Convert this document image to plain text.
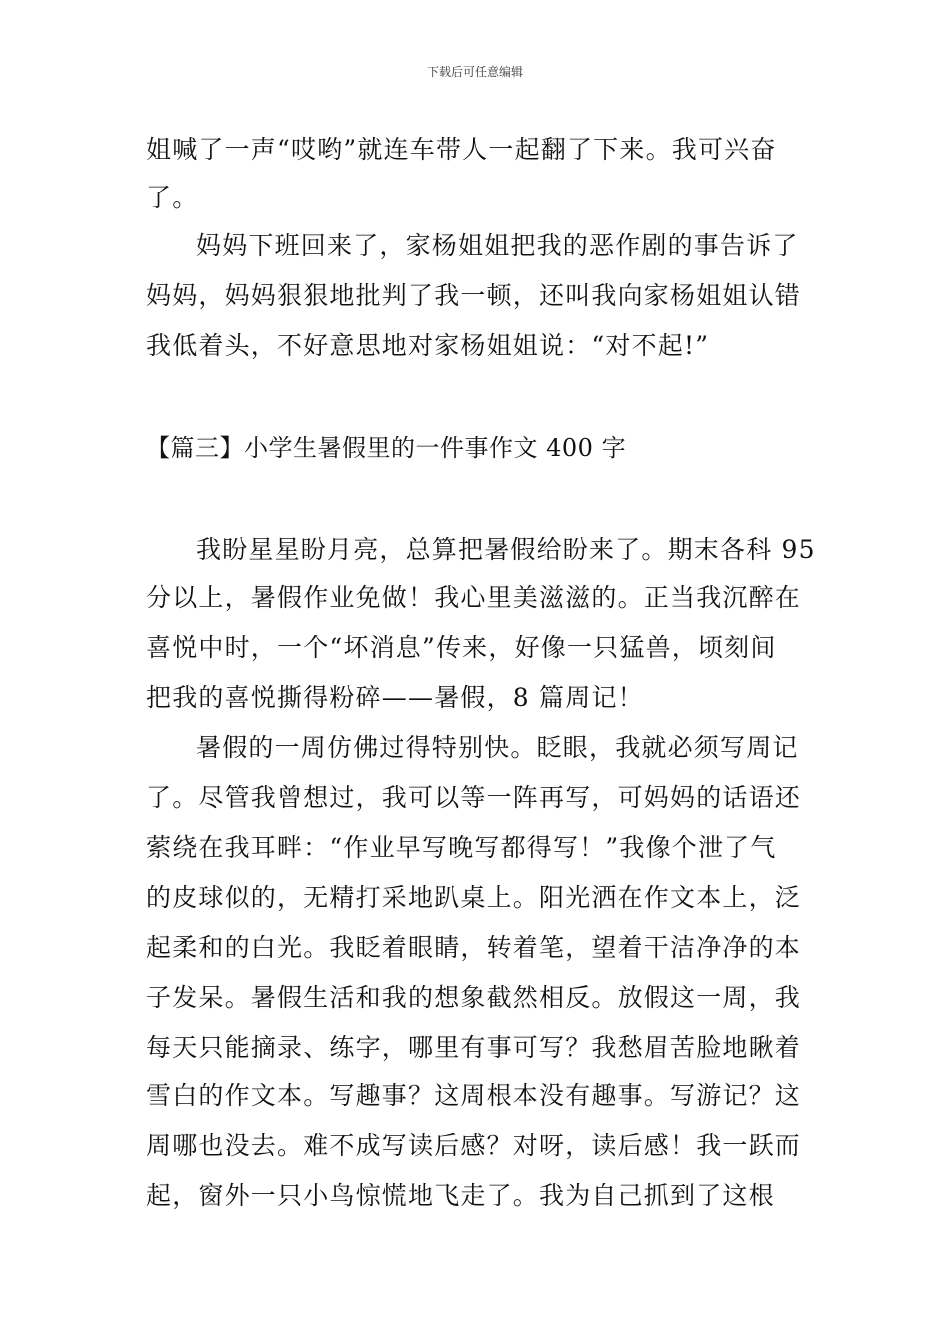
下载后可任意编辑
姐喊了一声“哎哟”就连车带人一起翻了下来。我可兴奋
了。
妈妈下班回来了，家杨姐姐把我的恶作剧的事告诉了
妈妈，妈妈狠狠地批判了我一顿，还叫我向家杨姐姐认错
我低着头，不好意思地对家杨姐姐说：“对不起!”
【篇三】小学生暑假里的一件事作文 400 字
我盼星星盼月亮，总算把暑假给盼来了。期末各科 95
分以上，暑假作业免做！我心里美滋滋的。正当我沉醉在
喜悦中时，一个“坏消息”传来，好像一只猛兽，顷刻间
把我的喜悦撕得粉碎——暑假，8 篇周记！
暑假的一周仿佛过得特别快。眨眼，我就必须写周记
了。尽管我曾想过，我可以等一阵再写，可妈妈的话语还
萦绕在我耳畔：“作业早写晚写都得写！”我像个泄了气
的皮球似的，无精打采地趴桌上。阳光洒在作文本上，泛
起柔和的白光。我眨着眼睛，转着笔，望着干洁净净的本
子发呆。暑假生活和我的想象截然相反。放假这一周，我
每天只能摘录、练字，哪里有事可写？我愁眉苦脸地瞅着
雪白的作文本。写趣事？这周根本没有趣事。写游记？这
周哪也没去。难不成写读后感？对呀，读后感！我一跃而
起，窗外一只小鸟惊慌地飞走了。我为自己抓到了这根
